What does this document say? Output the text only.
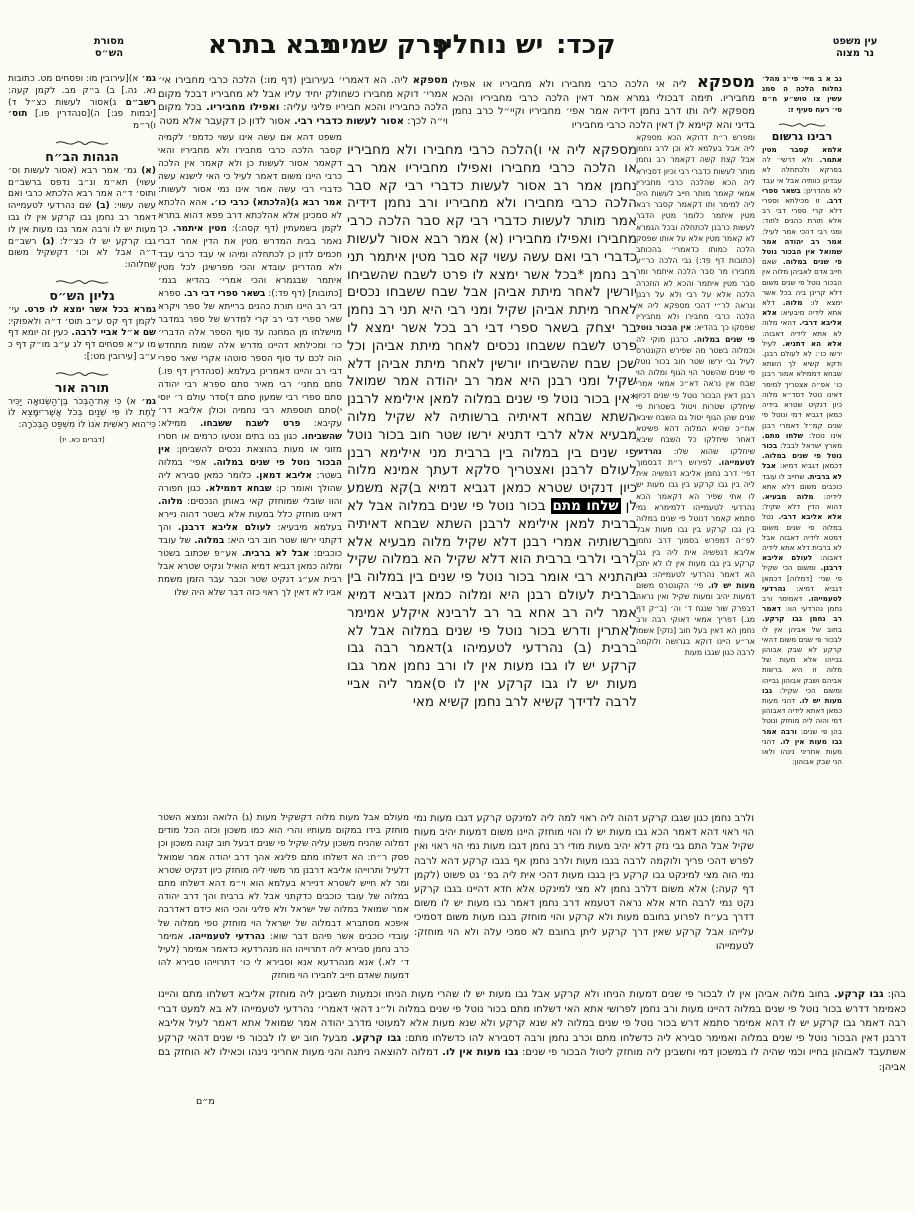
מסורת
הש״ס	בבא בתרא
פרק שמיני
יש נוחלין קכד:	עין משפט
נר מצוה
גמ׳ א)[עירובין מו: ופסחים מט. כתובות נא. נה.] ב) ב״ק מב. לקמן קעה: רשב״ם ג)אסור לעשות כצ״ל ד)[יבמות פג:] ה)[סנהדרין פו.] תוס׳ ו)ר״מ
הגהות הב״ח
(א) גמ׳ אמר רבא (אסור לעשות וס׳ עשוי) תא״מ ונ״ב נדפס ברשב״ם ותוס׳ ד״ה אמר רבא הלכתא כרבי ואם עשה עשוי: (ב) שם נהרדעי לטעמייהו דאמר רב נחמן גבו קרקע אין לו גבו מעות יש לו ורבה אמר גבו מעות אין לו גבו קרקע יש לו כצ״ל: (ג) רשב״ם ד״ה אבל לא וכו׳ דקשקיל משום שחלוהו:
גליון הש״ס
גמרא בכל אשר ימצא לו פרט. עי׳ לקמן דף קס ע״ב תוס׳ ד״ה ולאפוקי: שם א״ל אביי לרבה. כעין זה יומא דף מו ע״א פסחים דף לג ע״ב מו״ק דף כ ע״ב [עירובין מט:]:
תורה אור
גמ׳ א) כִּי אֶת־הַבְּכֹר בֶּן־הַשְּׂנוּאָה יַכִּיר לָתֶת לוֹ פִּי שְׁנַיִם בְּכֹל אֲשֶׁר־יִמָּצֵא לוֹ כִּי־הוּא רֵאשִׁית אֹנוֹ לוֹ מִשְׁפַּט הַבְּכֹרָה:
(דברים כא. יז)
מספקא ליה. הא דאמרי׳ בעירובין (דף מו:) הלכה כרבי מחבירו אי׳ אמרי׳ דוקא מחבירו כשחולק יחיד עליו אבל לא מחביריו דבכל מקום הלכה כחביריו והכא חביריו פליגי עליה: ואפילו מחביריו. בכל מקום וי״ה לכך: אסור לעשות כדברי רבי. אסור לדון כן דקעבר אלא מטה
מספקא ליה אי הלכה כרבי מחבירו ולא מחביריו או אפילו מחביריו. תימה דבכולי גמרא אמר דאין הלכה כרבי מחביריו והכא מספקא ליה ותו דרב נחמן דידיה אמר אפי׳ מחביריו וקיי״ל כרב נחמן בדיני והא קיימא לן דאין הלכה כרבי מחביריו
משפט דהא אם עשה אינו עשוי כדמפ׳ לקמיה קסבר הלכה כרבי מחבירו ולא מחביריו והאי דקאמר אסור לעשות כן ולא קאמר אין הלכה כרבי היינו משום דאמר לעיל כי האי לישנא עשה כדברי רבי עשה אמר אינו נמי אסור לעשות: אמר רבא ג)(הלכתא) כרבי כו׳. אהא הלכתא לא סמכינן אלא אהלכתא דרב פפא דהוא בתרא לקמן בשמעתין (דף קסה:): מטין איתמר. כך נאמר בבית המדרש מטין את הדין אחר דברי חכמים לדון כן לכתחלה ומיהו אי עבד כרבי עבד ולא מהדרינן עובדא והכי מפרשינן לכל מטין איתמר שבגמרא והכי אמרי׳ בהדיא בגמ׳ [כתובות] (דף פד:): בשאר ספרי דבי רב. ספרא דבי רב היינו תורת כהנים ברייתא של ספר ויקרא שאר ספרי דבי רב קרי למדרש של ספר במדבר מוישלחו מן המחנה עד סוף הספר אלה הדברי׳ כו׳ ומכילתא דהיינו מדרש אלה שמות מתחדש הוה לכם עד סוף הספר סוטהו אקרי שאר ספרי דבי רב והיינו דאמרינן בעלמא (סנהדרין דף פו.) סתם מתני׳ רבי מאיר סתם ספרא רבי יהודה סתם ספרי רבי שמעון סתם ד)סדר עולם ר׳ יוסי י)סתם תוספתא רבי נחמיה וכולן אליבא דר׳ עקיבא: פרט לשבח ששבחו. ממילא: שהשביחו. כגון בנו בתים ונטעו כרמים או חסרו מזוני או מעות בהוצאת נכסים להשביחן: אין הבכור נוטל פי שנים במלוה. אפי׳ במלוה בשטר: אליבא דמאן. כלומר כמאן סבירא ליה שהולך ואומר כן: שבחא דממילא. כגון חפורה והוו שובלי שמוחזק קאי באותן הנכסים: מלוה. דאינו מוחזק כלל במעות אלא בשטר דהוה ניירא בעלמא מיבעיא: לעולם אליבא דרבנן. והך דקתני ירשו שטר חוב רבי היא: במלוה. של עובד כוכבים: אבל לא ברבית. אע״פ שכתוב בשטר ומלוה כמאן דגביא דמיא הואיל ונקיט שטרא אבל רבית אע״ג דנקיט שטר וכבר עבר הזמן משמת אביו לא דאין לך ראוי כזה דבר שלא היה שלו
מספקא ליה אי ו)הלכה כרבי מחבירו ולא מחביריו או הלכה כרבי מחבירו ואפילו מחביריו אמר רב נחמן אמר רב אסור לעשות כדברי רבי קא סבר הלכה כרבי מחבירו ולא מחביריו ורב נחמן דידיה אמר מותר לעשות כדברי רבי קא סבר הלכה כרבי מחבירו ואפילו מחביריו (א) אמר רבא אסור לעשות כדברי רבי ואם עשה עשוי קא סבר מטין איתמר תני רב נחמן *בכל אשר ימצא לו פרט לשבח שהשביחו יורשין לאחר מיתת אביהן אבל שבח ששבחו נכסים לאחר מיתת אביהן שקיל ומני רבי היא תני רב נחמן בר יצחק בשאר ספרי דבי רב בכל אשר ימצא לו פרט לשבח ששבחו נכסים לאחר מיתת אביהן וכל שכן שבח שהשביחו יורשין לאחר מיתת אביהן דלא שקיל ומני רבנן היא אמר רב יהודה אמר שמואל *אין בכור נוטל פי שנים במלוה למאן אילימא לרבנן השתא שבחא דאיתיה ברשותיה לא שקיל מלוה מבעיא אלא לרבי דתניא ירשו שטר חוב בכור נוטל פי שנים בין במלוה בין ברבית מני אילימא רבנן לעולם לרבנן ואצטריך סלקא דעתך אמינא מלוה כיון דנקיט שטרא כמאן דגביא דמיא ב)קא משמע לן שלחו מתם בכור נוטל פי שנים במלוה אבל לא ברבית למאן אילימא לרבנן השתא שבחא דאיתיה ברשותיה אמרי רבנן דלא שקיל מלוה מבעיא אלא לרבי ולרבי ברבית הוא דלא שקיל הא במלוה שקיל והתניא רבי אומר בכור נוטל פי שנים בין במלוה בין ברבית לעולם רבנן היא ומלוה כמאן דגביא דמיא אמר ליה רב אחא בר רב לרבינא איקלע אמימר לאתרין ודרש בכור נוטל פי שנים במלוה אבל לא ברבית (ב) נהרדעי לטעמיהו ג)דאמר רבה גבו קרקע יש לו גבו מעות אין לו ורב נחמן אמר גבו מעות יש לו גבו קרקע אין לו ס)אמר ליה אביי לרבה לדידך קשיא לרב נחמן קשיא מאי
ומפרש ר״ת דדוקא הכא מספקא ליה אבל בעלמא לא וכן לרב נחמן אבל קצת קשה דקאמר רב נחמן מותר לעשות כדברי רבי וכיון דסבירא ליה הכא שהלכה כרבי מחביריו אמאי קאמר מותר חייב לעשות היה ליה למימר ותו דקאמר קסבר רבא מטין איתמר כלומר מטין הדבר לעשות כרבנן לכתחלה ובכל הגמרא לא קאמר מטין אלא על אותו שפסק הלכה כמותו כדאמרי׳ בהכותב (כתובות דף פד:) גבי הלכה כר״ע מחבירו מר סבר הלכה איתמר ומר סבר מטין איתמר והכא לא הוזכרה הלכה אלא על רבי ולא על רבנן ונראה לר״י דהכי מספקא ליה אי הלכה כרבי מחבירו ולא מחביריו שפסקו כך בהדיא: אין הבכור נוטל פי שנים במלוה. כרבנן מוקי לה וכמלוה בשטר מה שפירש הקונטרס לעיל גבי ירשו שטר חוב בכור נוטל פי שנים שהשטר הוי הגוף ומלוה הוי שבח אין נראה דא״כ אמאי אמרי רבנן דאין הבכור נוטל פי שנים דכיון שיחלקו שטרות ויטול בשטרות פי שנים שהן הגוף יטול גם השבח שיבא אח״כ שהיא המלוה דהא פשיטא דאחר שיחלקו כל השבח שיבא שיחלקו שהוא שלו: נהרדעי לטעמייהו. לפירוש ר״ת דבסמוך דפי׳ דרב נחמן אליבא דנפשיה אית ליה בין גבו קרקע בין גבו מעות יש לו אתי שפיר הא דקאמר הכא נהרדעי לטעמייהו דלמימרא נמי סתמא קאמר דנוטל פי שנים במלוה בין גבו קרקע בין גבו מעות אבל לפ״ה דמפרש בסמוך דרב נחמן אליבא דנפשיה אית ליה בין גבו קרקע בין גבו מעות אין לו לא יתכן הא דאמר נהרדעי לטעמייהו: גבו מעות יש לו. פי׳ הקונטרס משום דמעות יהיב ומעות שקיל ואין נראה דבפרק שור שנגח ד׳ וה׳ (ב״ק דף מג.) דפריך אמאי דאוקי רבה ורב נחמן הא דאין בעל חוב [נזקי] אשמו אר״ע היינו דוקא בגרושה ולוקמה לרבה כגון שגבו מעות
נב א ב מיי׳ פי״ג מהל׳ נחלות הלכה ה סמג עשין צו טוש״ע ח״מ סי׳ רעח סעיף ז:
רבינו גרשום
אלמא קסבר מטין אתמר. ולא דרשי׳ לה בפרקא ולכתחלה לא עבדינן כוותיה אבל אי עבד לא מהדרינן: בשאר ספרי דרב. זו מכילתא וספרי דלא קרי ספרי דבי רב אלא תורת כהנים לחוד: ומני רבי דהכי אמר לעיל: אמר רב יהודה אמר שמואל אין הבכור נוטל פי שנים במלוה. שאם חייב אדם לאביהן מלוה אין הבכור נוטל פי שנים משום דלא קרינן ביה בכל אשר ימצא לו: מלוה. דלא אתא לידיה מיבעיא: אלא אליבא דרבי. דהאי מלוה לא אתא לידיה דאבוה: אלא הא דתניא. לעיל ירשו כו׳: לא לעולם רבנן. ודקא קשיא לך השתא שבחא דממילא אמור רבנן כו׳ אפ״ה אצטריך למימר דאינו נוטל דסד״א מלוה כיון דנקיט שטרא בידיה כמאן דגביא דמי ונוטל פי שנים קמ״ל דאמרי רבנן אינו נוטל: שלחו מתם. מארץ ישראל לבבל: בכור נוטל פי שנים במלוה. דכמאן דגביא דמיא: אבל לא ברבית. שחייב לו עובד כוכבים משום דלא אתא לידיה: מלוה מבעיא. דהוא הדין דלא שקיל: אלא אליבא דרבי. נטל במלוה פי שנים משום דמטא לידיה דאבוה אבל לא ברבית דלא אתא לידיה דאבוה: לעולם אליבא דרבנן. ומשום הכי שקיל פי שני׳ [דמלוה] דכמאן דגביא דמיא: נהרדעי לטעמייהו. דאמימר ורב נחמן נהרדעי הוו: דאמר רב נחמן גבו קרקע. בחוב של אביהן אין לו לבכור פי שנים משום דהאי קרקע לא שבק אבוהון גבייהו אלא מעות של מלוה זו היא ברשות אביהם ושבק אבוהון גבייהו ומשום הכי שקיל: גבו מעות יש לו. דהני מעות כמאן דאתא לידיה דאבוהון דמי והוה ליה מוחזק ונוטל בהן פי שנים: ורבה אמר גבו מעות אין לו. דהני מעות אחריני נינהו ולאו הני שבק אבוהון:
מעולם אבל מעות מלוה דקשקיל מעות (ג) הלואה ונמצא השטר מוחזק בידו במקום מעותיו והרי הוא כמו משכון וכזה הכל מודים דמלוה שהניח משכון עליה שקיל פי שנים דבעל חוב קונה משכון וכן פסק ר״ח: הא דשלחו מתם פליגא אהך דרב יהודה אמר שמואל דלעיל ותרוייהו אליבא דרבנן מר משוי ליה מוחזק כיון דנקיט שטרא ומר לא חייש לשטרא דניירא בעלמא הוא וי״מ דהא דשלחו מתם במלוה של עובד כוכבים כדקתני אבל לא ברבית והך דרב יהודה אמר שמואל במלוה של ישראל ולא פליגי והכי הוא כידם דאדרבה איפכא מסתברא דבמלוה של ישראל הוי מוחזק טפי ממלוה של עובדי כוכבים אשר פיהם דבר שוא: נהרדעי לטעמייהו. אמימר כרב נחמן סבירא ליה דתרוייהו הוו מנהרדעא כדאמר אמימר (לעיל ד׳ לא.) אנא מנהרדעא אנא וסבירא לי כו׳ דתרוייהו סבירא להו דמעות שאדם חייב לחבירו הוי מוחזק
ולרב נחמן כגון שגבו קרקע דהוה ליה ראוי למה ליה למינקט קרקע דגבו מעות נמי הוי ראוי דהא דאמר הכא גבו מעות יש לו והוי מוחזק היינו משום דמעות יהיב מעות שקיל אבל התם גבי נזק דלא יהיב מעות מודי רב נחמן דגבו מעות נמי הוי ראוי ואין לפרש דהכי פריך ולוקמה לרבה בגבו מעות ולרב נחמן אף בגבו קרקע דהא לרבה נמי הוה מצי למינקט גבו קרקע בין בגבו מעות דהכי אית ליה בפ׳ גט פשוט (לקמן דף קעה:) אלא משום דלרב נחמן לא מצי למינקט אלא חדא דהיינו בגבו קרקע נקט נמי לרבה חדא אלא נראה דטעמא דרב נחמן דאמר גבו מעות יש לו משום דדרך בע״ח לפרוע בחובם מעות ולא קרקע והוי מוחזק בגבו מעות משום דסמיכי עלייהו אבל קרקע שאין דרך קרקע ליתן בחובם לא סמכי עלה ולא הוי מוחזק: לטעמייהו
בהן: גבו קרקע. בחוב מלוה אביהן אין לו לבכור פי שנים דמעות הניחו ולא קרקע אבל גבו מעות יש לו שהרי מעות הניחו וכמעות חשבינן ליה מוחזק אליבא דשלחו מתם והיינו כאמימר דדרש בכור נוטל פי שנים במלוה דהיינו מעות ורב נחמן לפרושי אתא האי דשלחו מתם בכור נוטל פי שנים במלוה ול״נ דהאי דאמרי׳ נהרדעי לטעמייהו לא בא למעט דברי רבה דאמר גבו קרקע יש לו דהא אמימר סתמא דרש בכור נוטל פי שנים במלוה לא שנא קרקע ולא שנא מעות אלא למעוטי מדרב יהודה אמר שמואל אתא דאמר לעיל אליבא דרבנן דאין הבכור נוטל פי שנים במלוה ואמימר סבירא ליה כדשלחו מתם וכרב נחמן ורבה דסבירא להו כדשלחו מתם: גבו קרקע. מבעל חוב יש לו לבכור פי שנים דהאי קרקע אשתעבד לאבוהון בחייו וכמי שהיה לו במשכון דמי וחשבינן ליה מוחזק ליטול הבכור פי שנים: גבו מעות אין לו. דמלוה להוצאה ניתנה והני מעות אחריני נינהו וכאילו לא הוחזק בם אביהן:
מ״ם
